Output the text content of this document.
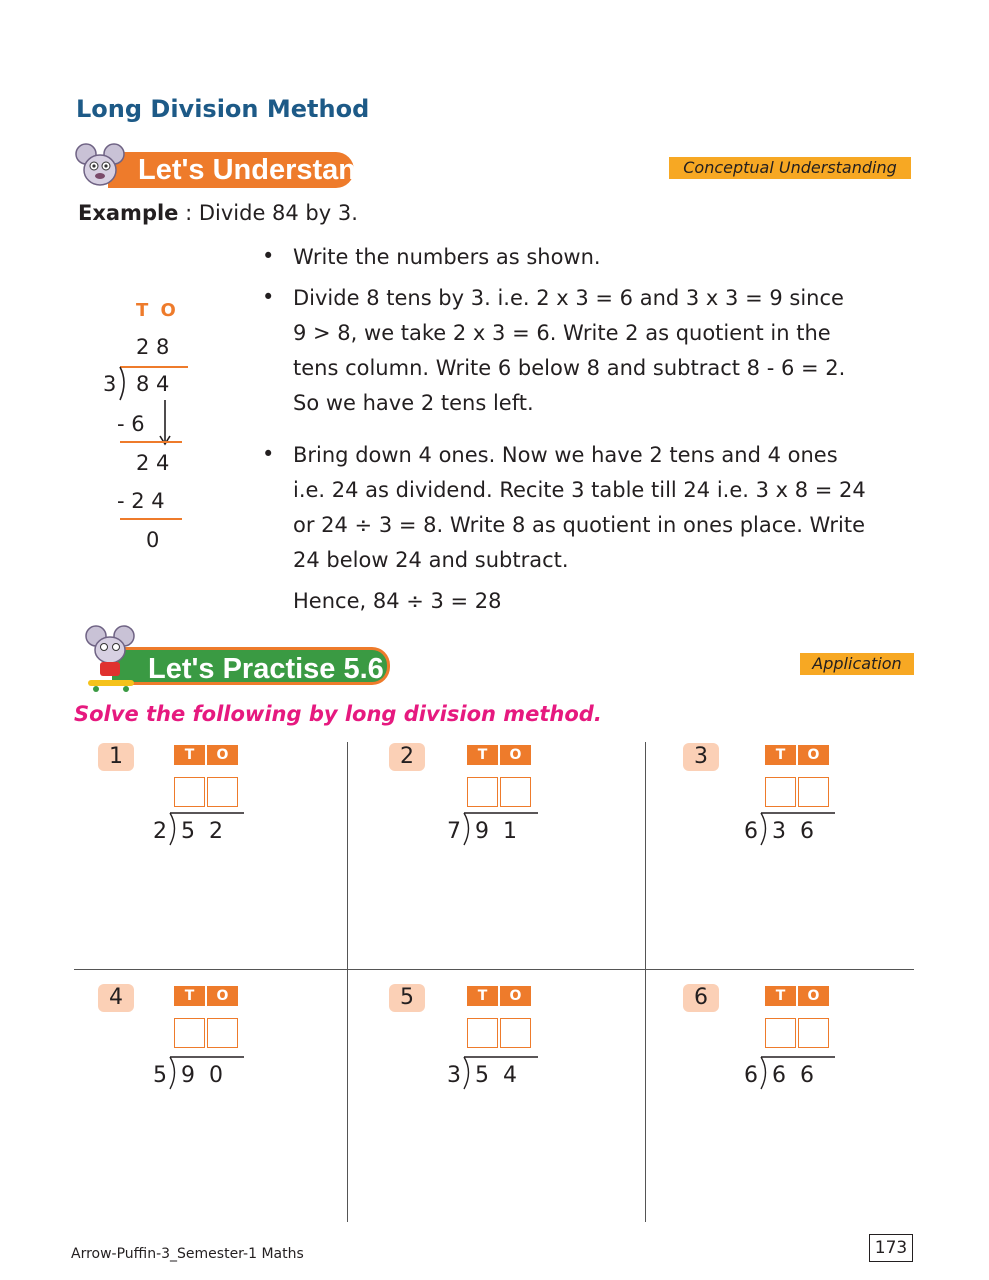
Long Division Method
Let's Understand	Conceptual Understanding
Example : Divide 84 by 3.
T O
2 8
3 8 4
- 6
2 4
- 2 4
0
• Write the numbers as shown.
• Divide 8 tens by 3. i.e. 2 x 3 = 6 and 3 x 3 = 9 since
9 > 8, we take 2 x 3 = 6. Write 2 as quotient in the
tens column. Write 6 below 8 and subtract 8 - 6 = 2.
So we have 2 tens left.
• Bring down 4 ones. Now we have 2 tens and 4 ones
i.e. 24 as dividend. Recite 3 table till 24 i.e. 3 x 8 = 24
or 24 ÷ 3 = 8. Write 8 as quotient in ones place. Write
24 below 24 and subtract.
Hence, 84 ÷ 3 = 28
Let's Practise 5.6	Application
Solve the following by long division method.
1	T	O
2 5  2
2	T	O
7 9  1
3	T	O
6 3  6
4	T	O
5 9  0
5	T	O
3 5  4
6	T	O
6 6  6
Arrow-Puffin-3_Semester-1 Maths	173
